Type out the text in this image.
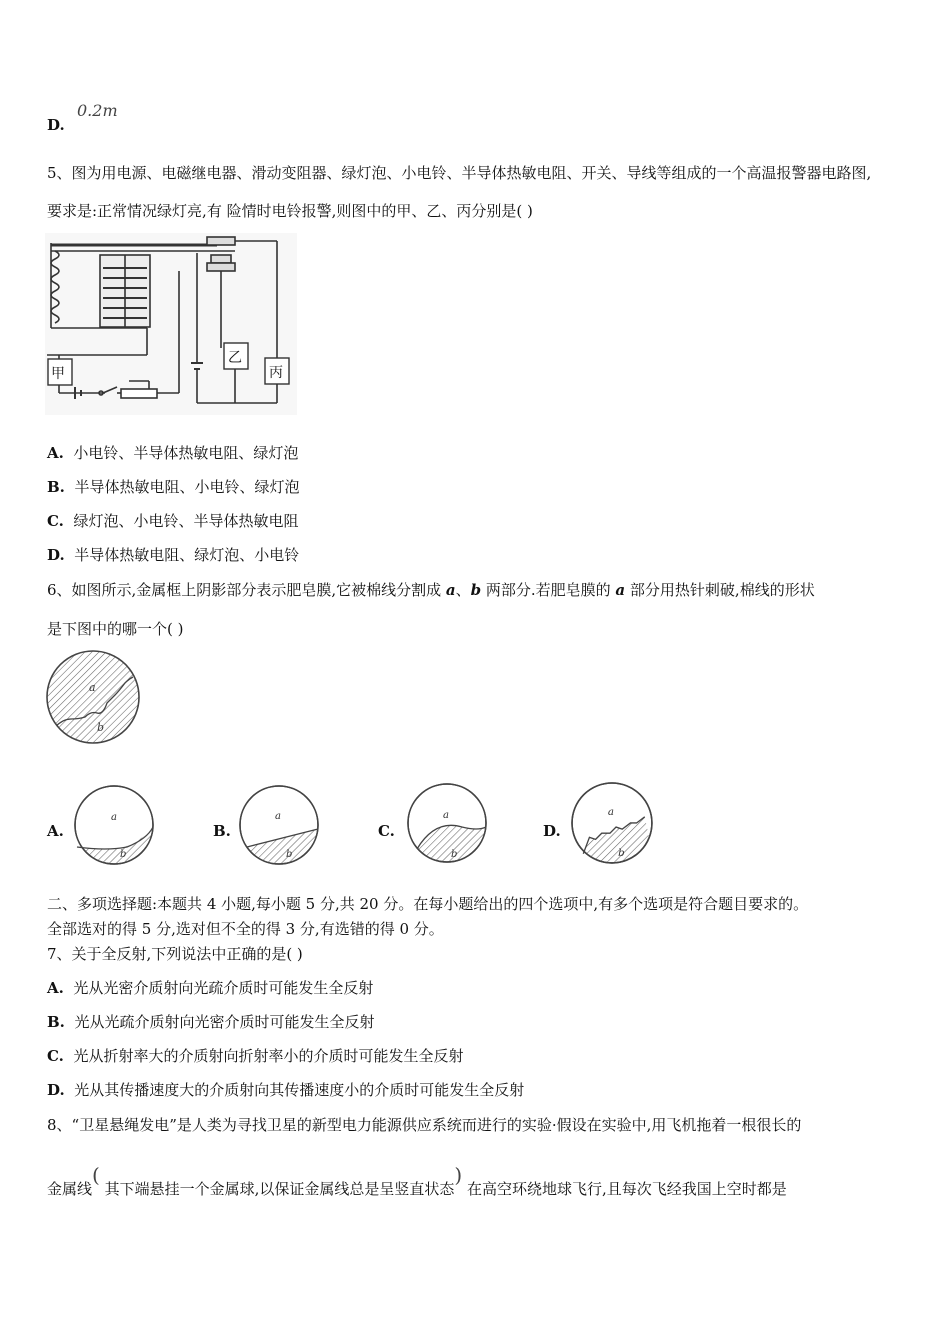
D.
0.2m
5、图为用电源、电磁继电器、滑动变阻器、绿灯泡、小电铃、半导体热敏电阻、开关、导线等组成的一个高温报警器电路图,
要求是:正常情况绿灯亮,有 险情时电铃报警,则图中的甲、乙、丙分别是( )
甲
乙
丙
A. 小电铃、半导体热敏电阻、绿灯泡
B. 半导体热敏电阻、小电铃、绿灯泡
C. 绿灯泡、小电铃、半导体热敏电阻
D. 半导体热敏电阻、绿灯泡、小电铃
6、如图所示,金属框上阴影部分表示肥皂膜,它被棉线分割成 a、b 两部分.若肥皂膜的 a 部分用热针刺破,棉线的形状
是下图中的哪一个( )
a
b
A.
a
b
B.
a
b
C.
a
b
D.
a
b
二、多项选择题:本题共 4 小题,每小题 5 分,共 20 分。在每小题给出的四个选项中,有多个选项是符合题目要求的。
全部选对的得 5 分,选对但不全的得 3 分,有选错的得 0 分。
7、关于全反射,下列说法中正确的是( )
A. 光从光密介质射向光疏介质时可能发生全反射
B. 光从光疏介质射向光密介质时可能发生全反射
C. 光从折射率大的介质射向折射率小的介质时可能发生全反射
D. 光从其传播速度大的介质射向其传播速度小的介质时可能发生全反射
8、“卫星悬绳发电”是人类为寻找卫星的新型电力能源供应系统而进行的实验·假设在实验中,用飞机拖着一根很长的
金属线( 其下端悬挂一个金属球,以保证金属线总是呈竖直状态) 在高空环绕地球飞行,且每次飞经我国上空时都是
